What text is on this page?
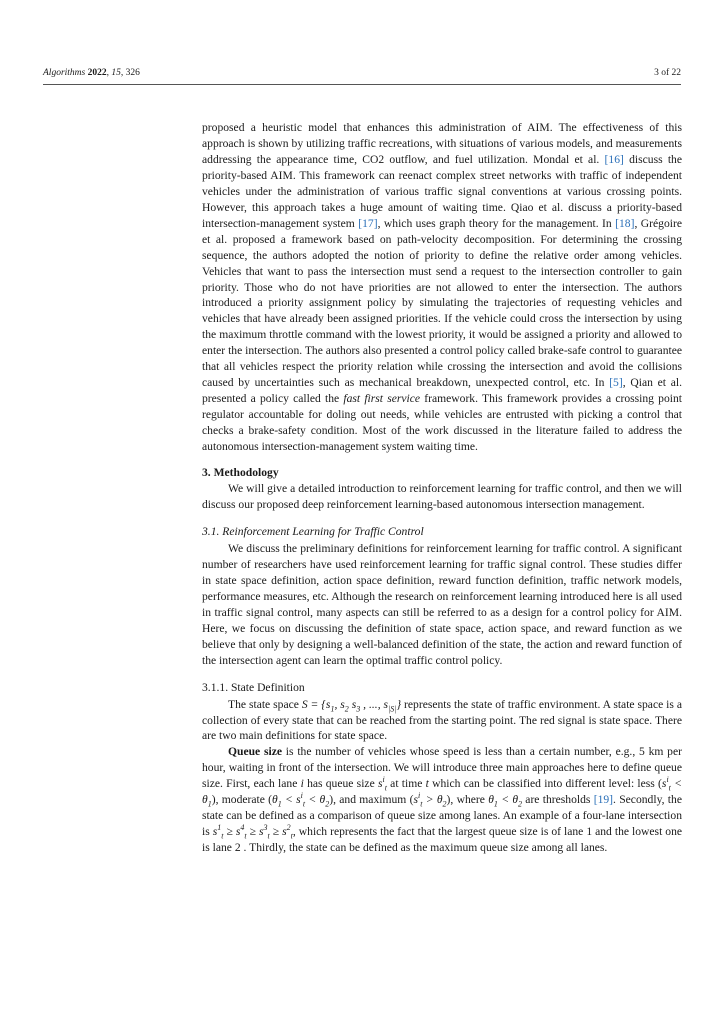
Algorithms 2022, 15, 326	3 of 22

proposed a heuristic model that enhances this administration of AIM. The effectiveness of this approach is shown by utilizing traffic recreations, with situations of various models, and measurements addressing the appearance time, CO2 outflow, and fuel utilization. Mondal et al. [16] discuss the priority-based AIM. This framework can reenact complex street networks with traffic of independent vehicles under the administration of various traffic signal conventions at various crossing points. However, this approach takes a huge amount of waiting time. Qiao et al. discuss a priority-based intersection-management system [17], which uses graph theory for the management. In [18], Grégoire et al. proposed a framework based on path-velocity decomposition. For determining the crossing sequence, the authors adopted the notion of priority to define the relative order among vehicles. Vehicles that want to pass the intersection must send a request to the intersection controller to gain priority. Those who do not have priorities are not allowed to enter the intersection. The authors introduced a priority assignment policy by simulating the trajectories of requesting vehicles and vehicles that have already been assigned priorities. If the vehicle could cross the intersection by using the maximum throttle command with the lowest priority, it would be assigned a priority and allowed to enter the intersection. The authors also presented a control policy called brake-safe control to guarantee that all vehicles respect the priority relation while crossing the intersection and avoid the collisions caused by uncertainties such as mechanical breakdown, unexpected control, etc. In [5], Qian et al. presented a policy called the fast first service framework. This framework provides a crossing point regulator accountable for doling out needs, while vehicles are entrusted with picking a control that checks a brake-safety condition. Most of the work discussed in the literature failed to address the autonomous intersection-management system waiting time.

3. Methodology

We will give a detailed introduction to reinforcement learning for traffic control, and then we will discuss our proposed deep reinforcement learning-based autonomous intersection management.

3.1. Reinforcement Learning for Traffic Control

We discuss the preliminary definitions for reinforcement learning for traffic control. A significant number of researchers have used reinforcement learning for traffic signal control. These studies differ in state space definition, action space definition, reward function definition, traffic network models, performance measures, etc. Although the research on reinforcement learning introduced here is all used in traffic signal control, many aspects can still be referred to as a design for a control policy for AIM. Here, we focus on discussing the definition of state space, action space, and reward function as we believe that only by designing a well-balanced definition of the state, the action and reward function of the intersection agent can learn the optimal traffic control policy.

3.1.1. State Definition

The state space $S = \{s_1$, $s_2$ $s_3$ , ..., $s_{|S|}$} represents the state of traffic environment. A state space is a collection of every state that can be reached from the starting point. The red signal is state space. There are two main definitions for state space.

Queue size is the number of vehicles whose speed is less than a certain number, e.g., 5 km per hour, waiting in front of the intersection. We will introduce three main approaches here to define queue size. First, each lane i has queue size $s^i_t$ at time t which can be classified into different level: less $(s^i_t < \theta_1)$, moderate $(\theta_1 < s^i_t < \theta_2)$, and maximum $(s^i_t > \theta_2)$, where $\theta_1 < \theta_2$ are thresholds [19]. Secondly, the state can be defined as a comparison of queue size among lanes. An example of a four-lane intersection is $s^1_t \ge s^4_t \ge s^3_t \ge s^2_t$, which represents the fact that the largest queue size is of lane 1 and the lowest one is lane 2 . Thirdly, the state can be defined as the maximum queue size among all lanes.
